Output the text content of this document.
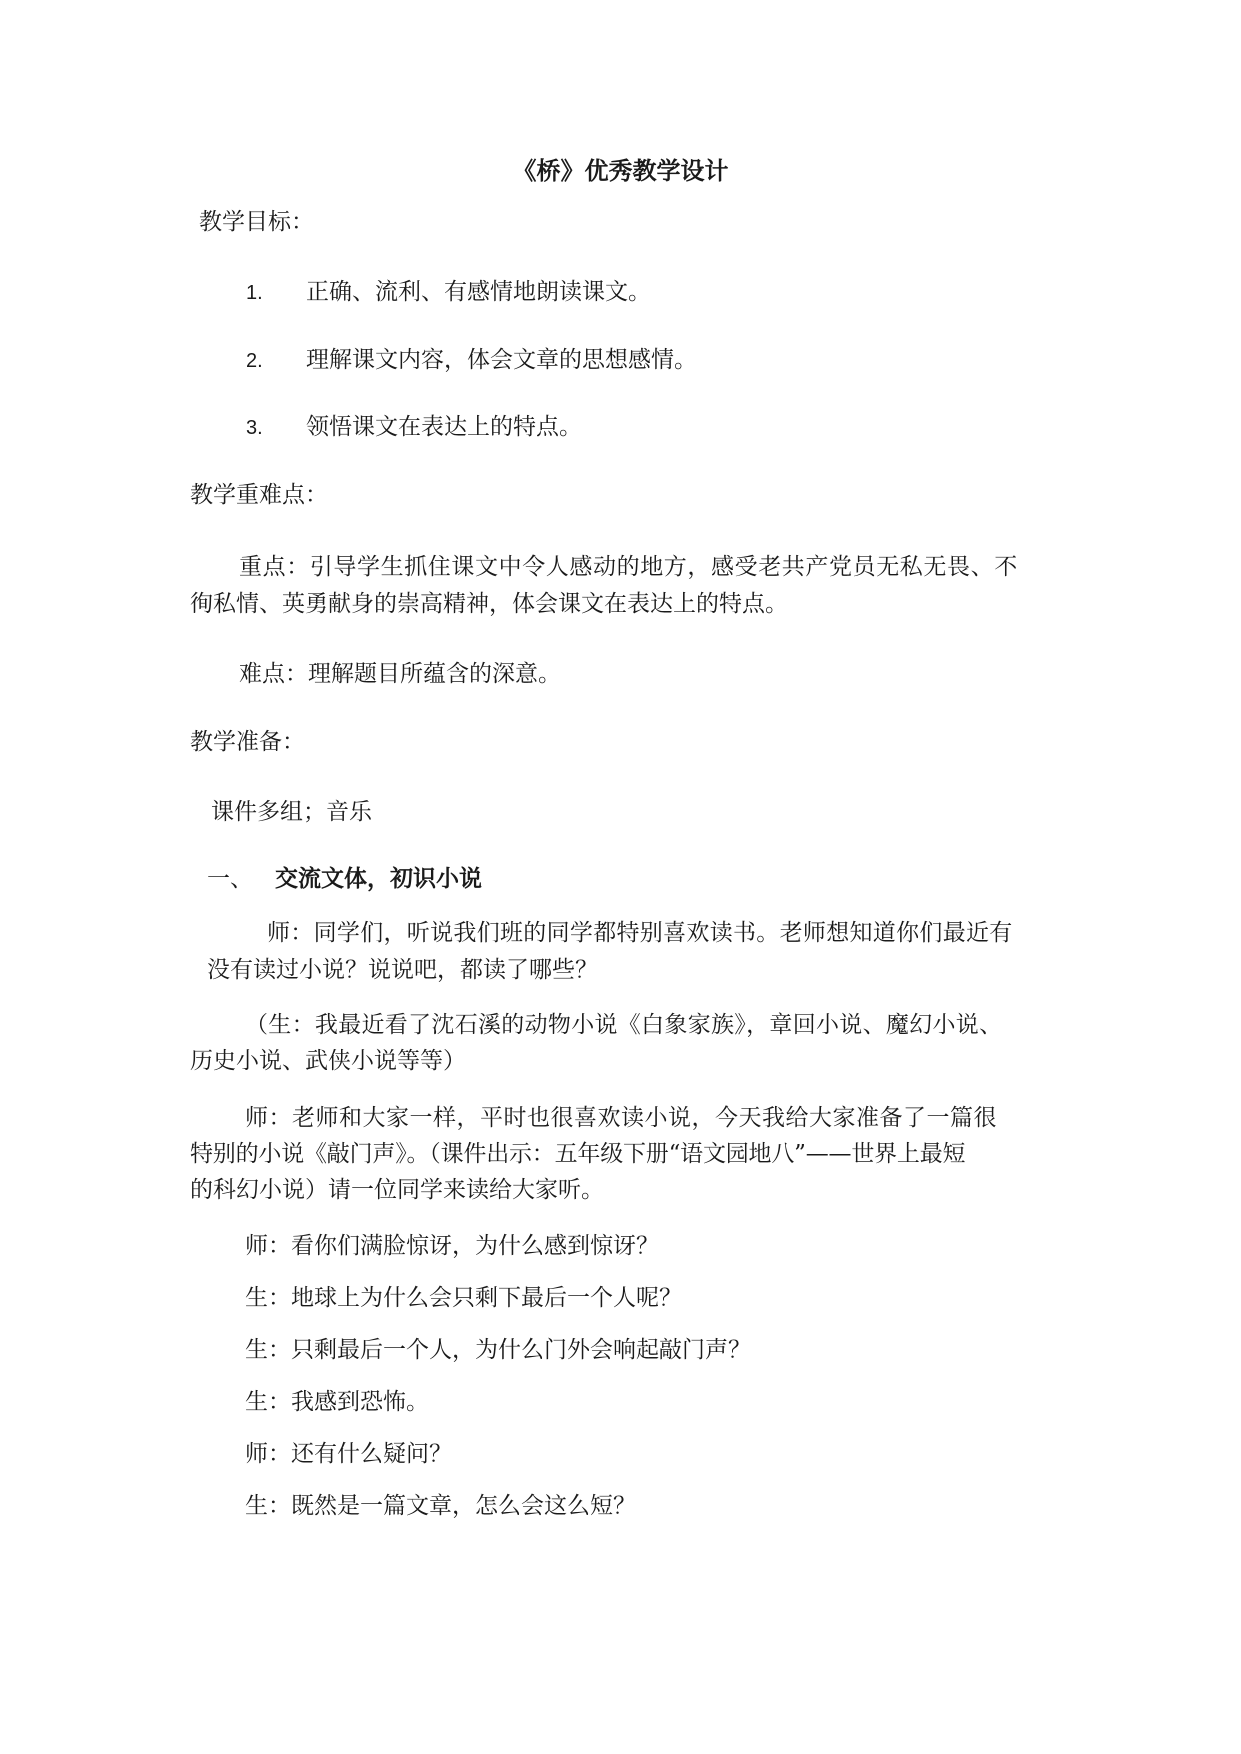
《桥》优秀教学设计
教学目标：
1. 正确、流利、有感情地朗读课文。
2. 理解课文内容，体会文章的思想感情。
3. 领悟课文在表达上的特点。
教学重难点：
重点：引导学生抓住课文中令人感动的地方，感受老共产党员无私无畏、不
徇私情、英勇献身的崇高精神，体会课文在表达上的特点。
难点：理解题目所蕴含的深意。
教学准备：
课件多组；音乐
一、 交流文体，初识小说
师：同学们，听说我们班的同学都特别喜欢读书。老师想知道你们最近有
没有读过小说？说说吧，都读了哪些？
（生：我最近看了沈石溪的动物小说《白象家族》，章回小说、魔幻小说、
历史小说、武侠小说等等）
师：老师和大家一样，平时也很喜欢读小说，今天我给大家准备了一篇很
特别的小说《敲门声》。（课件出示：五年级下册“语文园地八”——世界上最短
的科幻小说）请一位同学来读给大家听。
师：看你们满脸惊讶，为什么感到惊讶？
生：地球上为什么会只剩下最后一个人呢？
生：只剩最后一个人，为什么门外会响起敲门声？
生：我感到恐怖。
师：还有什么疑问？
生：既然是一篇文章，怎么会这么短？
